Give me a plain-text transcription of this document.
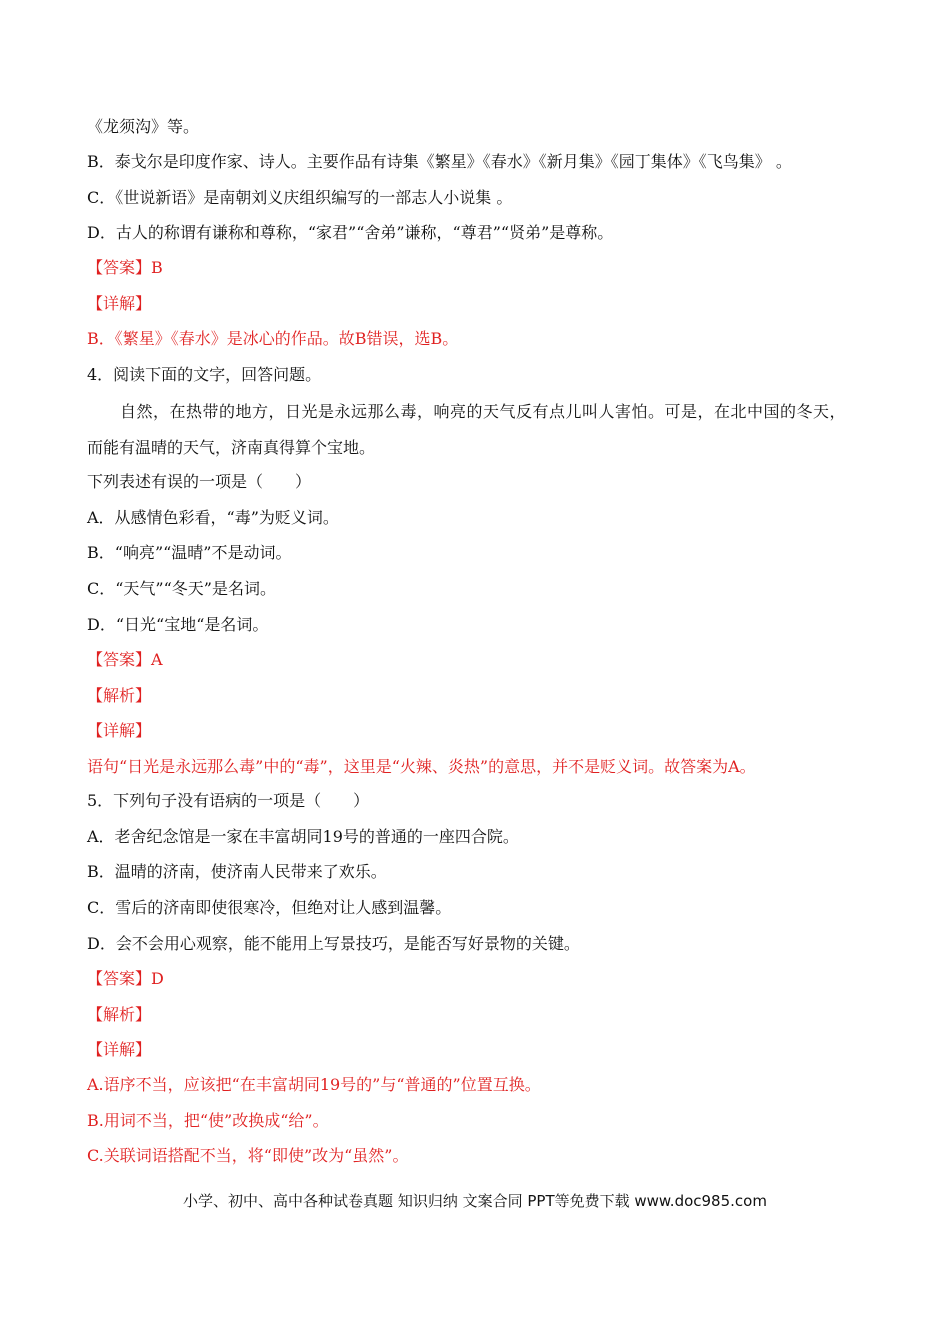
《龙须沟》等。
B．泰戈尔是印度作家、诗人。主要作品有诗集《繁星》《春水》《新月集》《园丁集体》《飞鸟集》 。
C．《世说新语》是南朝刘义庆组织编写的一部志人小说集 。
D．古人的称谓有谦称和尊称，“家君”“舍弟”谦称，“尊君”“贤弟”是尊称。
【答案】B
【详解】
B．《繁星》《春水》是冰心的作品。故B错误，选B。
4．阅读下面的文字，回答问题。
自然，在热带的地方，日光是永远那么毒，响亮的天气反有点儿叫人害怕。可是，在北中国的冬天，
而能有温晴的天气，济南真得算个宝地。
下列表述有误的一项是（　　）
A．从感情色彩看，“毒”为贬义词。
B．“响亮”“温晴”不是动词。
C．“天气”“冬天”是名词。
D．“日光“宝地“是名词。
【答案】A
【解析】
【详解】
语句“日光是永远那么毒”中的“毒”，这里是“火辣、炎热”的意思，并不是贬义词。故答案为A。
5．下列句子没有语病的一项是（　　）
A．老舍纪念馆是一家在丰富胡同19号的普通的一座四合院。
B．温晴的济南，使济南人民带来了欢乐。
C．雪后的济南即使很寒冷，但绝对让人感到温馨。
D．会不会用心观察，能不能用上写景技巧，是能否写好景物的关键。
【答案】D
【解析】
【详解】
A.语序不当，应该把“在丰富胡同19号的”与“普通的”位置互换。
B.用词不当，把“使”改换成“给”。
C.关联词语搭配不当，将“即使”改为“虽然”。
小学、初中、高中各种试卷真题 知识归纳 文案合同 PPT等免费下载 www.doc985.com
